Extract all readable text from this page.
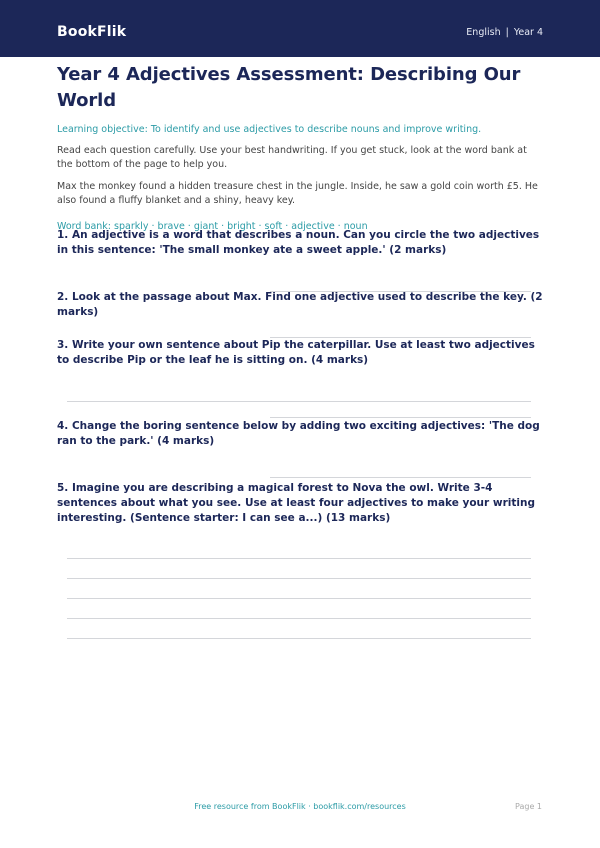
BookFlik	English | Year 4
Year 4 Adjectives Assessment: Describing Our World

Learning objective: To identify and use adjectives to describe nouns and improve writing.

Read each question carefully. Use your best handwriting. If you get stuck, look at the word bank at the bottom of the page to help you.

Max the monkey found a hidden treasure chest in the jungle. Inside, he saw a gold coin worth £5. He also found a fluffy blanket and a shiny, heavy key.

Word bank: sparkly · brave · giant · bright · soft · adjective · noun

1. An adjective is a word that describes a noun. Can you circle the two adjectives in this sentence: 'The small monkey ate a sweet apple.' (2 marks)

2. Look at the passage about Max. Find one adjective used to describe the key. (2 marks)

3. Write your own sentence about Pip the caterpillar. Use at least two adjectives to describe Pip or the leaf he is sitting on. (4 marks)

4. Change the boring sentence below by adding two exciting adjectives: 'The dog ran to the park.' (4 marks)

5. Imagine you are describing a magical forest to Nova the owl. Write 3-4 sentences about what you see. Use at least four adjectives to make your writing interesting. (Sentence starter: I can see a...) (13 marks)

Free resource from BookFlik · bookflik.com/resources	Page 1
